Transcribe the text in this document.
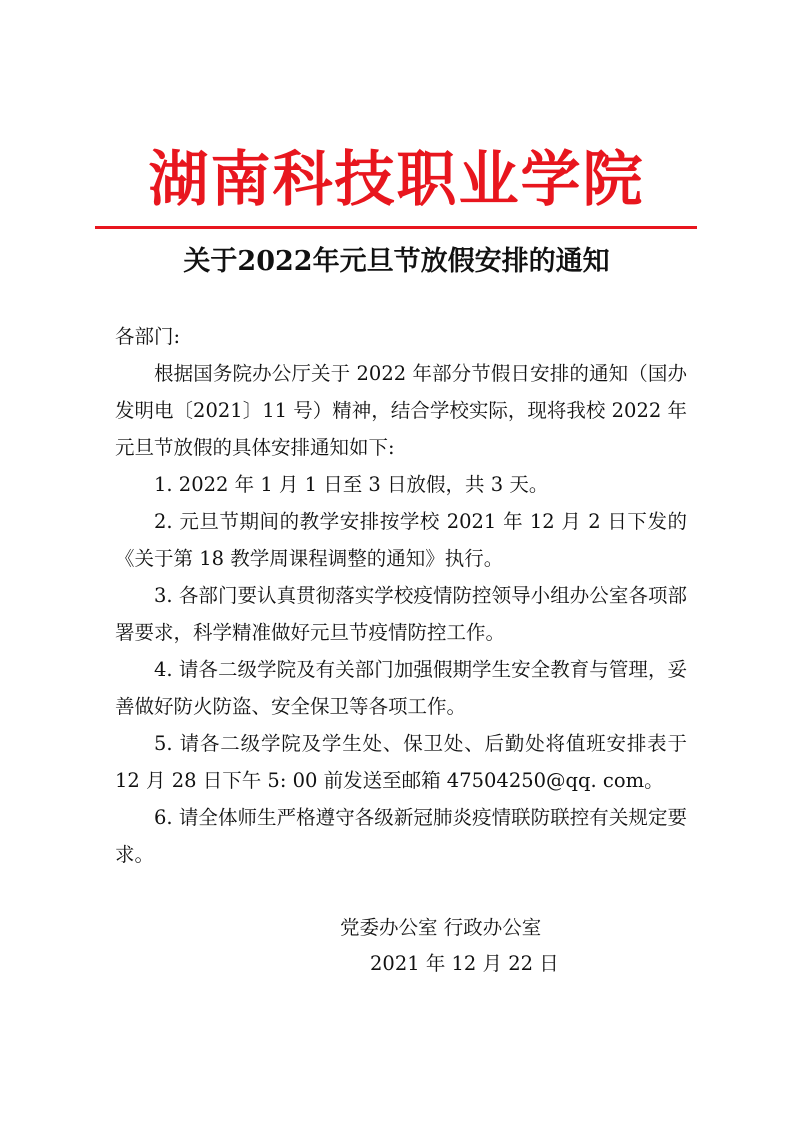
湖南科技职业学院
关于2022年元旦节放假安排的通知

各部门:

根据国务院办公厅关于 2022 年部分节假日安排的通知（国办发明电〔2021〕11 号）精神，结合学校实际，现将我校 2022 年元旦节放假的具体安排通知如下:

1. 2022 年 1 月 1 日至 3 日放假，共 3 天。

2. 元旦节期间的教学安排按学校 2021 年 12 月 2 日下发的《关于第 18 教学周课程调整的通知》执行。

3. 各部门要认真贯彻落实学校疫情防控领导小组办公室各项部署要求，科学精准做好元旦节疫情防控工作。

4. 请各二级学院及有关部门加强假期学生安全教育与管理，妥善做好防火防盗、安全保卫等各项工作。

5. 请各二级学院及学生处、保卫处、后勤处将值班安排表于 12 月 28 日下午 5: 00 前发送至邮箱 47504250@qq. com。

6. 请全体师生严格遵守各级新冠肺炎疫情联防联控有关规定要求。

党委办公室 行政办公室
2021 年 12 月 22 日
